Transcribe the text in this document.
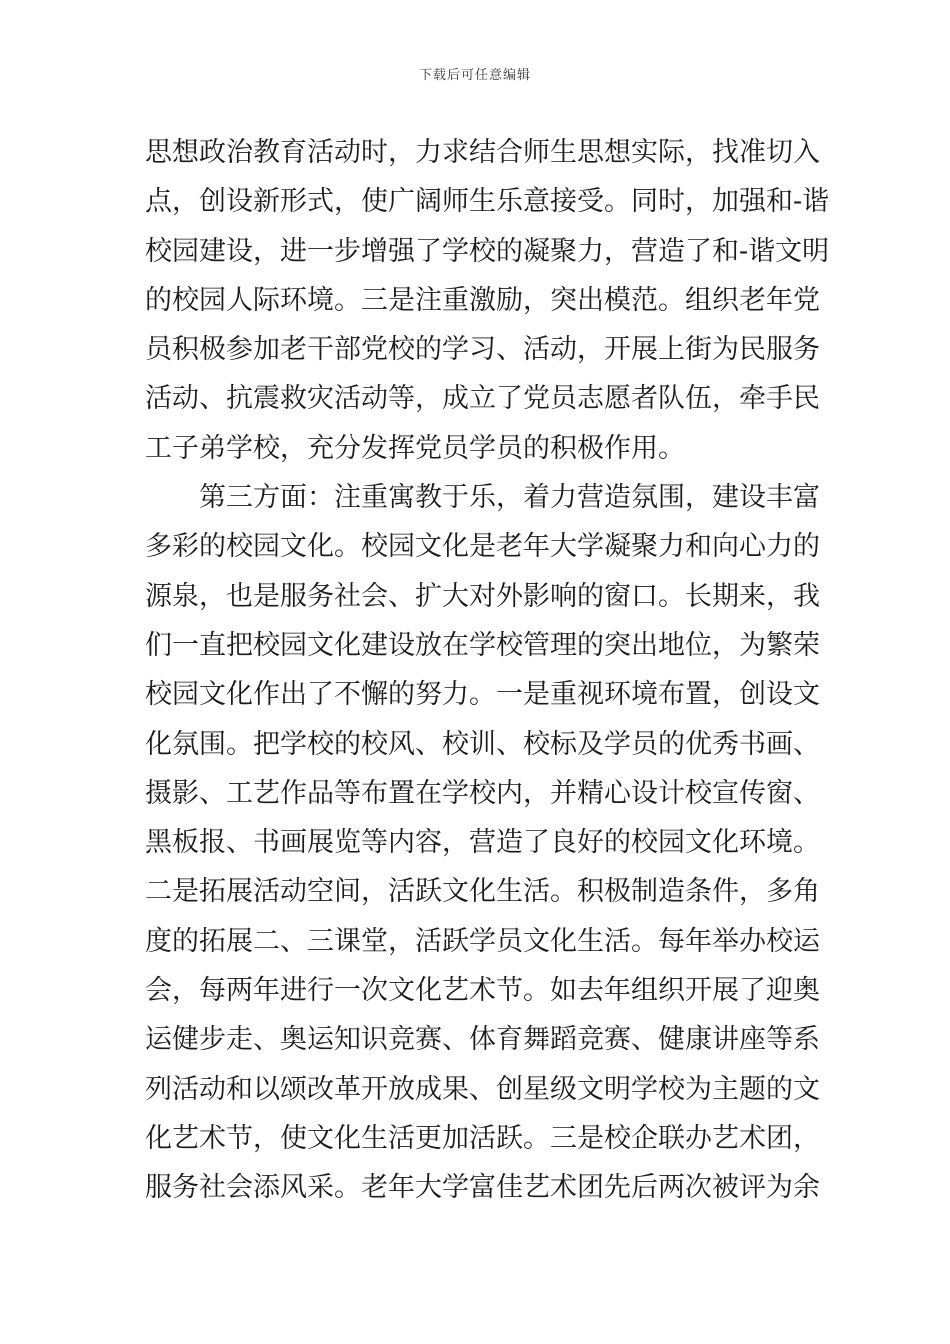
下载后可任意编辑
思想政治教育活动时，力求结合师生思想实际，找准切入
点，创设新形式，使广阔师生乐意接受。同时，加强和-谐
校园建设，进一步增强了学校的凝聚力，营造了和-谐文明
的校园人际环境。三是注重激励，突出模范。组织老年党
员积极参加老干部党校的学习、活动，开展上街为民服务
活动、抗震救灾活动等，成立了党员志愿者队伍，牵手民
工子弟学校，充分发挥党员学员的积极作用。
第三方面：注重寓教于乐，着力营造氛围，建设丰富
多彩的校园文化。校园文化是老年大学凝聚力和向心力的
源泉，也是服务社会、扩大对外影响的窗口。长期来，我
们一直把校园文化建设放在学校管理的突出地位，为繁荣
校园文化作出了不懈的努力。一是重视环境布置，创设文
化氛围。把学校的校风、校训、校标及学员的优秀书画、
摄影、工艺作品等布置在学校内，并精心设计校宣传窗、
黑板报、书画展览等内容，营造了良好的校园文化环境。
二是拓展活动空间，活跃文化生活。积极制造条件，多角
度的拓展二、三课堂，活跃学员文化生活。每年举办校运
会，每两年进行一次文化艺术节。如去年组织开展了迎奥
运健步走、奥运知识竞赛、体育舞蹈竞赛、健康讲座等系
列活动和以颂改革开放成果、创星级文明学校为主题的文
化艺术节，使文化生活更加活跃。三是校企联办艺术团，
服务社会添风采。老年大学富佳艺术团先后两次被评为余
